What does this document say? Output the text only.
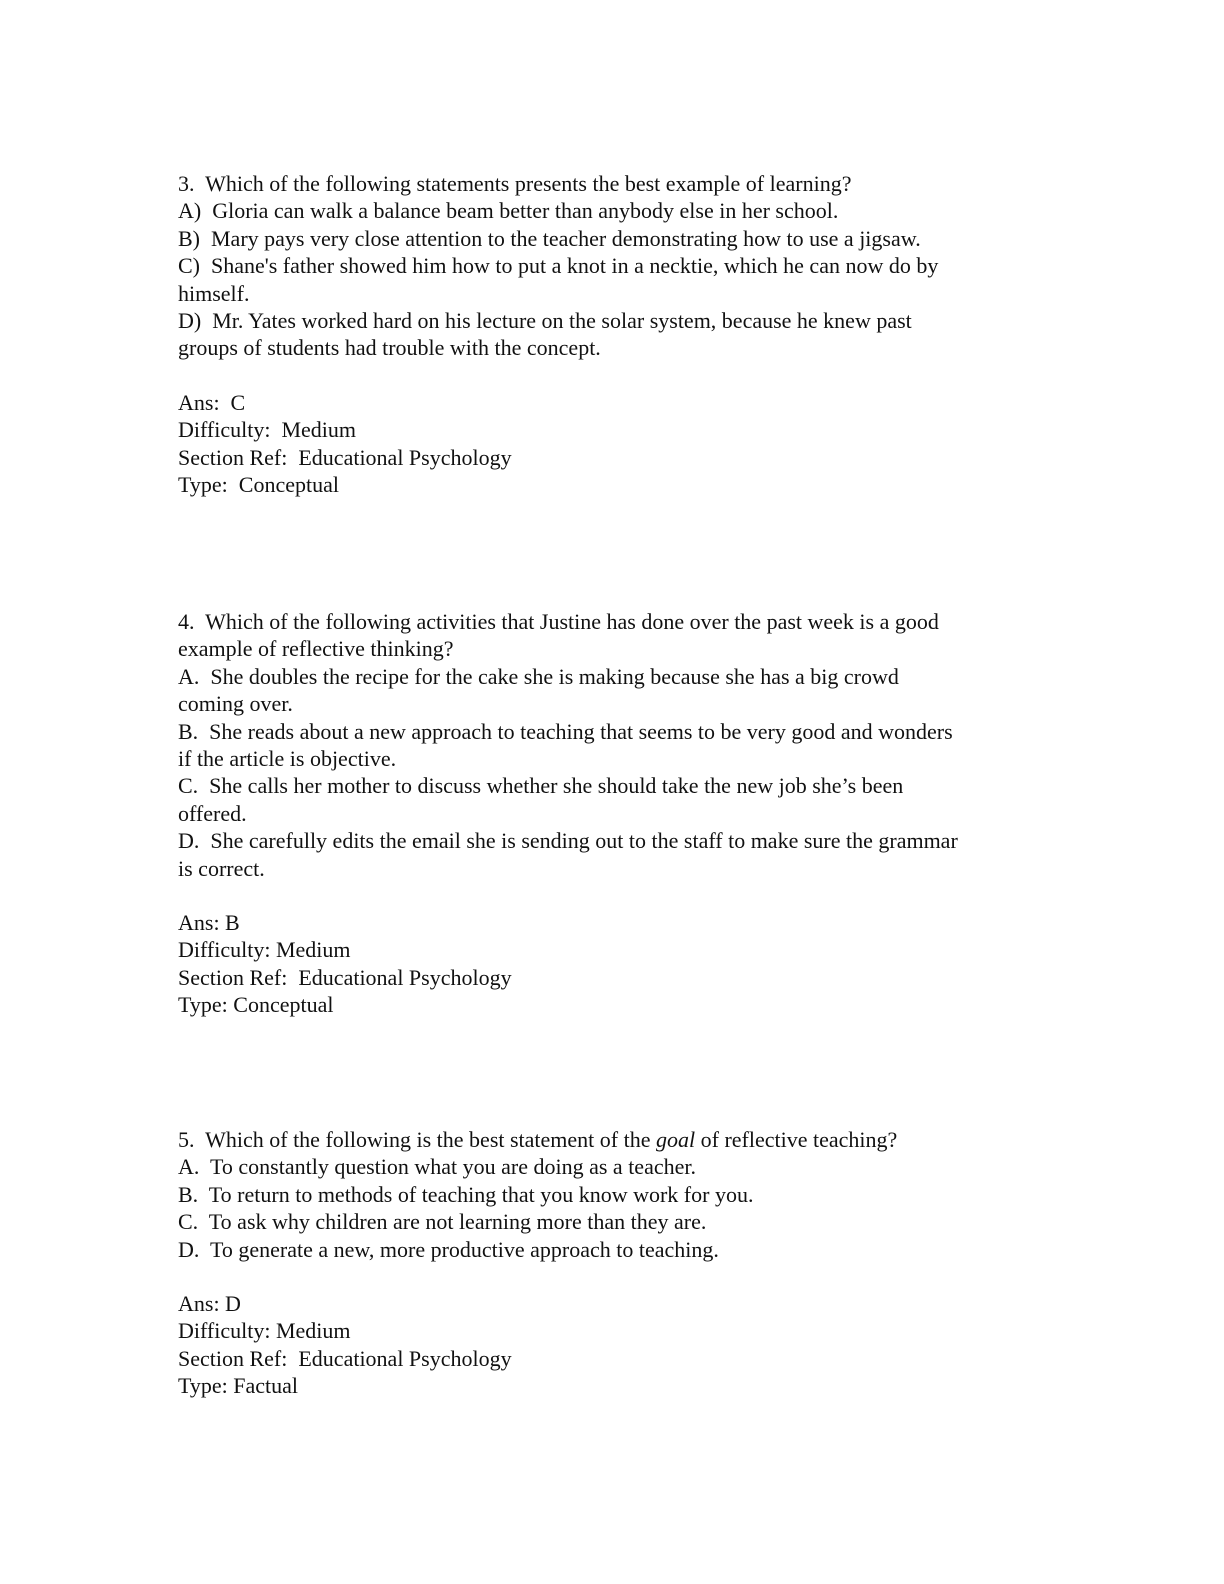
3.  Which of the following statements presents the best example of learning?

A)  Gloria can walk a balance beam better than anybody else in her school.

B)  Mary pays very close attention to the teacher demonstrating how to use a jigsaw.

C)  Shane's father showed him how to put a knot in a necktie, which he can now do by

himself.

D)  Mr. Yates worked hard on his lecture on the solar system, because he knew past

groups of students had trouble with the concept.

Ans:  C

Difficulty:  Medium

Section Ref:  Educational Psychology

Type:  Conceptual

4.  Which of the following activities that Justine has done over the past week is a good

example of reflective thinking?

A.  She doubles the recipe for the cake she is making because she has a big crowd

coming over.

B.  She reads about a new approach to teaching that seems to be very good and wonders

if the article is objective.

C.  She calls her mother to discuss whether she should take the new job she’s been

offered.

D.  She carefully edits the email she is sending out to the staff to make sure the grammar

is correct.

Ans: B

Difficulty: Medium

Section Ref:  Educational Psychology

Type: Conceptual

5.  Which of the following is the best statement of the goal of reflective teaching?

A.  To constantly question what you are doing as a teacher.

B.  To return to methods of teaching that you know work for you.

C.  To ask why children are not learning more than they are.

D.  To generate a new, more productive approach to teaching.

Ans: D

Difficulty: Medium

Section Ref:  Educational Psychology

Type: Factual
